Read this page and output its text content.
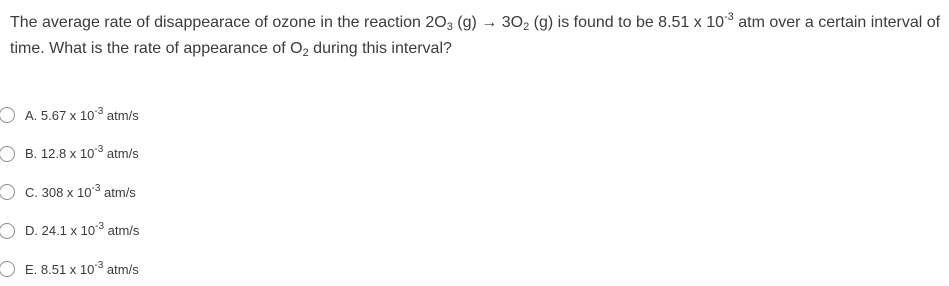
The average rate of disappearace of ozone in the reaction $2O_3$ $(g) \to 3O_2$ (g) is found to be 8.51 x $10^{-3}$ atm over a certain interval of time. What is the rate of appearance of $O_2$ during this interval?
A. 5.67 x $10^{-3}$ atm/s
B. 12.8 x $10^{-3}$ atm/s
C. 308 x $10^{-3}$ atm/s
D. 24.1 x $10^{-3}$ atm/s
E. 8.51 x $10^{-3}$ atm/s
